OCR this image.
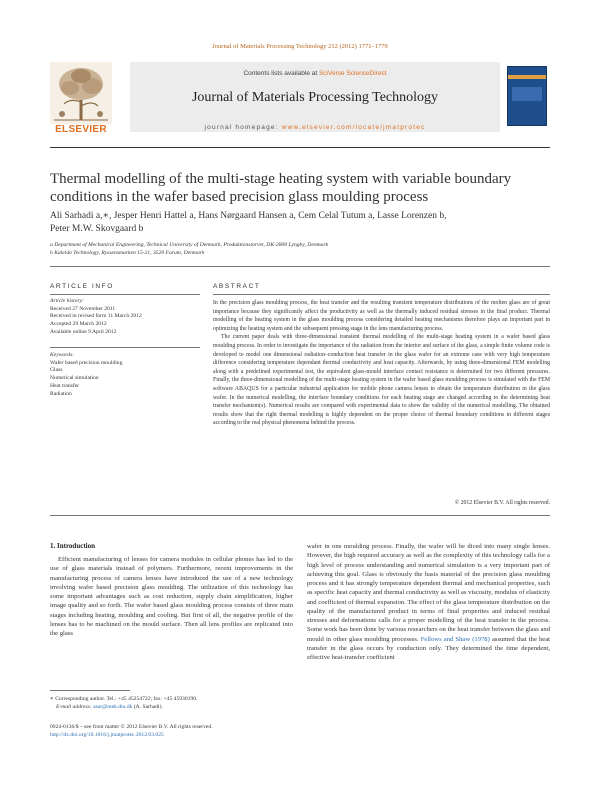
Journal of Materials Processing Technology 212 (2012) 1771–1779
ELSEVIER
Contents lists available at SciVerse ScienceDirect
Journal of Materials Processing Technology
journal homepage: www.elsevier.com/locate/jmatprotec
Thermal modelling of the multi-stage heating system with variable boundary
conditions in the wafer based precision glass moulding process
Ali Sarhadi a,∗, Jesper Henri Hattel a, Hans Nørgaard Hansen a, Cem Celal Tutum a, Lasse Lorenzen b,
Peter M.W. Skovgaard b
a Department of Mechanical Engineering, Technical University of Denmark, Produktionstorvet, DK-2800 Lyngby, Denmark
b Kaleido Technology, Ryssensmarken 15-21, 3520 Farum, Denmark
ARTICLE INFO
Article history:
Received 27 November 2011
Received in revised form 11 March 2012
Accepted 29 March 2012
Available online 9 April 2012
Keywords:
Wafer based precision moulding
Glass
Numerical simulation
Heat transfer
Radiation
ABSTRACT

In the precision glass moulding process, the heat transfer and the resulting transient temperature distributions of the molten glass are of great importance because they significantly affect the productivity as well as the thermally induced residual stresses in the final product. Thermal modelling of the heating system in the glass moulding process considering detailed heating mechanisms therefore plays an important part in optimizing the heating system and the subsequent pressing stage in the lens manufacturing process.

The current paper deals with three-dimensional transient thermal modelling of the multi-stage heating system in a wafer based glass moulding process. In order to investigate the importance of the radiation from the interior and surface of the glass, a simple finite volume code is developed to model one dimensional radiation–conduction heat transfer in the glass wafer for an extreme case with very high temperature difference considering temperature dependant thermal conductivity and heat capacity. Afterwards, by using three-dimensional FEM modelling along with a predefined experimental test, the equivalent glass-mould interface contact resistance is determined for two different pressures. Finally, the three-dimensional modelling of the multi-stage heating system in the wafer based glass moulding process is simulated with the FEM software ABAQUS for a particular industrial application for mobile phone camera lenses to obtain the temperature distribution in the glass wafer. In the numerical modelling, the interface boundary conditions for each heating stage are changed according to the determining heat transfer mechanism(s). Numerical results are compared with experimental data to show the validity of the numerical modelling. The obtained results show that the right thermal modelling is highly dependent on the proper choice of thermal boundary conditions in different stages according to the real physical phenomena behind the process.

© 2012 Elsevier B.V. All rights reserved.
1. Introduction

Efficient manufacturing of lenses for camera modules in cellular phones has led to the use of glass materials instead of polymers. Furthermore, recent improvements in the manufacturing process of camera lenses have introduced the use of a new technology involving wafer based precision glass moulding. The utilization of this technology has some important advantages such as cost reduction, supply chain simplification, higher image quality and so forth. The wafer based glass moulding process consists of three main stages including heating, moulding and cooling. But first of all, the negative profile of the lenses has to be machined on the mould surface. Then all lens profiles are replicated into the glass

wafer in one moulding process. Finally, the wafer will be diced into many single lenses. However, the high required accuracy as well as the complexity of this technology calls for a high level of process understanding and numerical simulation is a very important part of achieving this goal. Glass is obviously the basis material of the precision glass moulding process and it has strongly temperature dependent thermal and mechanical properties, such as specific heat capacity and thermal conductivity as well as viscosity, modulus of elasticity and coefficient of thermal expansion. The effect of the glass temperature distribution on the quality of the manufactured product in terms of final properties and induced residual stresses and deformations calls for a proper modelling of the heat transfer in the process. Some work has been done by various researchers on the heat transfer between the glass and mould in other glass moulding processes. Fellows and Shaw (1978) assumed that the heat transfer in the glass occurs by conduction only. They determined the time dependent, effective heat-transfer coefficient

∗ Corresponding author. Tel.: +45 45254722; fax: +45 45930190.
E-mail address: asar@mek.dtu.dk (A. Sarhadi).
0924-0136/$ – see front matter © 2012 Elsevier B.V. All rights reserved.
http://dx.doi.org/10.1016/j.jmatprotec.2012.03.025
